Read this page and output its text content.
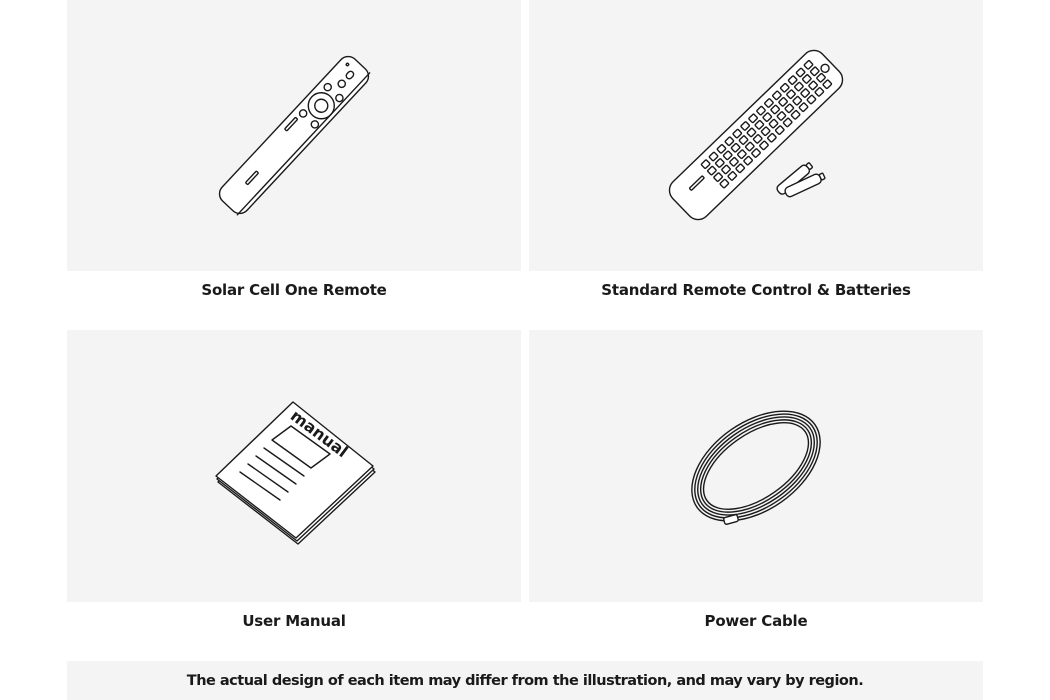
Solar Cell One Remote	Standard Remote Control & Batteries
manual
User Manual	Power Cable
The actual design of each item may differ from the illustration, and may vary by region.
